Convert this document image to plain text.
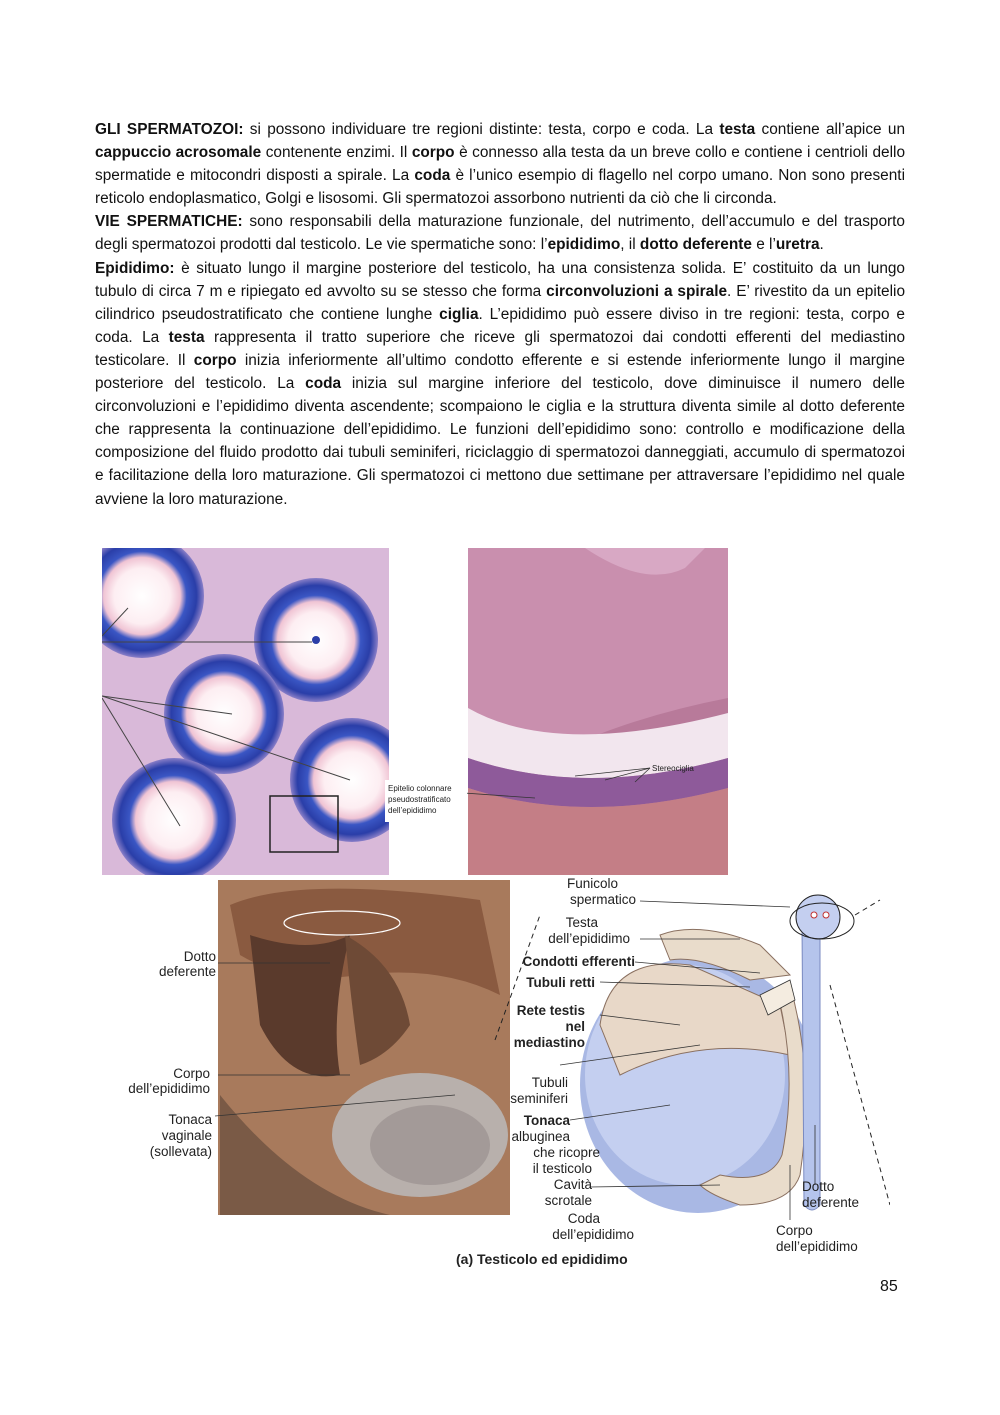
GLI SPERMATOZOI: si possono individuare tre regioni distinte: testa, corpo e coda. La testa contiene all’apice un cappuccio acrosomale contenente enzimi. Il corpo è connesso alla testa da un breve collo e contiene i centrioli dello spermatide e mitocondri disposti a spirale. La coda è l’unico esempio di flagello nel corpo umano. Non sono presenti reticolo endoplasmatico, Golgi e lisosomi. Gli spermatozoi assorbono nutrienti da ciò che li circonda.

VIE SPERMATICHE: sono responsabili della maturazione funzionale, del nutrimento, dell’accumulo e del trasporto degli spermatozoi prodotti dal testicolo. Le vie spermatiche sono: l’epididimo, il dotto deferente e l’uretra.

Epididimo: è situato lungo il margine posteriore del testicolo, ha una consistenza solida. E’ costituito da un lungo tubulo di circa 7 m e ripiegato ed avvolto su se stesso che forma circonvoluzioni a spirale. E’ rivestito da un epitelio cilindrico pseudostratificato che contiene lunghe ciglia. L’epididimo può essere diviso in tre regioni: testa, corpo e coda. La testa rappresenta il tratto superiore che riceve gli spermatozoi dai condotti efferenti del mediastino testicolare. Il corpo inizia inferiormente all’ultimo condotto efferente e si estende inferiormente lungo il margine posteriore del testicolo. La coda inizia sul margine inferiore del testicolo, dove diminuisce il numero delle circonvoluzioni e l’epididimo diventa ascendente; scompaiono le ciglia e la struttura diventa simile al dotto deferente che rappresenta la continuazione dell’epididimo. Le funzioni dell’epididimo sono: controllo e modificazione della composizione del fluido prodotto dai tubuli seminiferi, riciclaggio di spermatozoi danneggiati, accumulo di spermatozoi e facilitazione della loro maturazione. Gli spermatozoi ci mettono due settimane per attraversare l’epididimo nel quale avviene la loro maturazione.

Stereociglia
Epitelio colonnare
pseudostratificato
dell’epididimo
Dotto
deferente
Corpo
dell’epididimo
Tonaca
vaginale
(sollevata)
Funicolo
spermatico
Testa
dell’epididimo
Condotti efferenti
Tubuli retti
Rete testis
nel
mediastino
Tubuli
seminiferi
Tonaca
albuginea
che ricopre
il testicolo
Cavità
scrotale
Coda
dell’epididimo
Dotto
deferente
Corpo
dell’epididimo
(a) Testicolo ed epididimo
85
